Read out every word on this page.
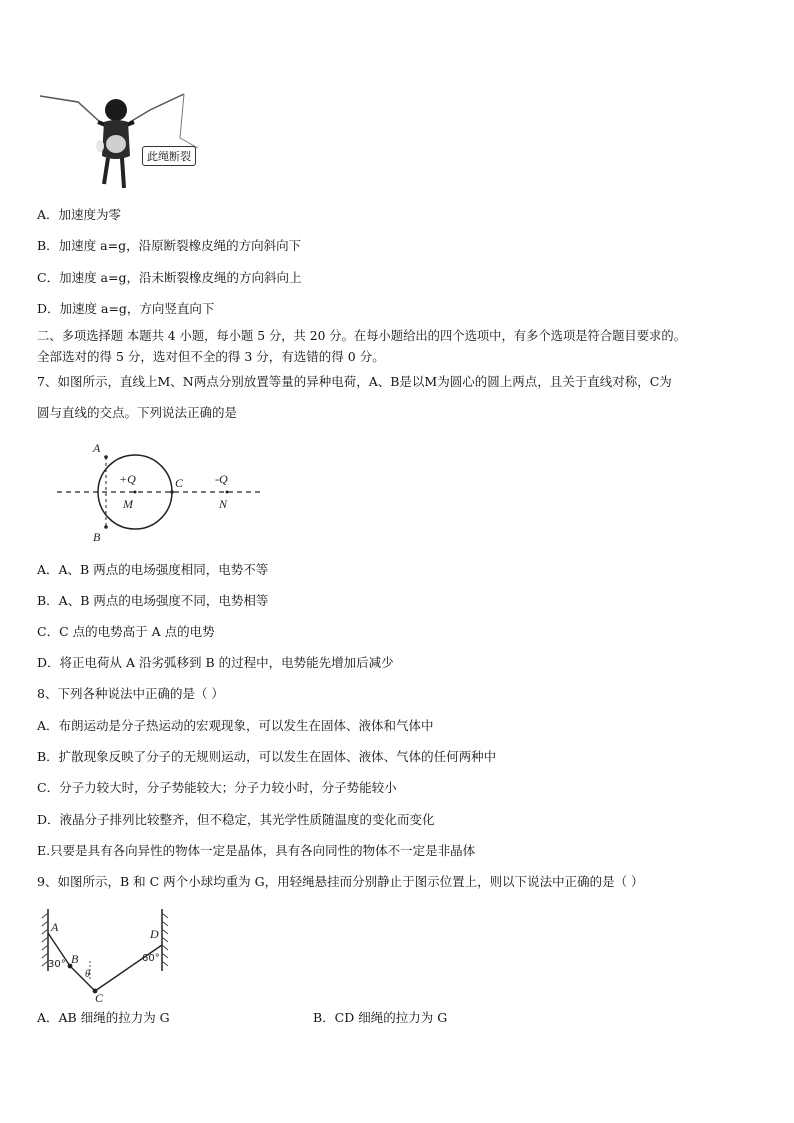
此绳断裂
A．加速度为零
B．加速度 a=g，沿原断裂橡皮绳的方向斜向下
C．加速度 a=g，沿未断裂橡皮绳的方向斜向上
D．加速度 a=g，方向竖直向下
二、多项选择题 本题共 4 小题，每小题 5 分，共 20 分。在每小题给出的四个选项中，有多个选项是符合题目要求的。
全部选对的得 5 分，选对但不全的得 3 分，有选错的得 0 分。
7、如图所示，直线上M、N两点分别放置等量的异种电荷，A、B是以M为圆心的圆上两点，且关于直线对称，C为
圆与直线的交点。下列说法正确的是
A
B
C
+Q
M
-Q
N
A．A、B 两点的电场强度相同，电势不等
B．A、B 两点的电场强度不同，电势相等
C．C 点的电势高于 A 点的电势
D．将正电荷从 A 沿劣弧移到 B 的过程中，电势能先增加后减少
8、下列各种说法中正确的是（ ）
A．布朗运动是分子热运动的宏观现象，可以发生在固体、液体和气体中
B．扩散现象反映了分子的无规则运动，可以发生在固体、液体、气体的任何两种中
C．分子力较大时，分子势能较大；分子力较小时，分子势能较小
D．液晶分子排列比较整齐，但不稳定，其光学性质随温度的变化而变化
E.只要是具有各向异性的物体一定是晶体，具有各向同性的物体不一定是非晶体
9、如图所示，B 和 C 两个小球均重为 G，用轻绳悬挂而分别静止于图示位置上，则以下说法中正确的是（ ）
A
B
C
D
30°
60°
θ
A．AB 细绳的拉力为 G	B．CD 细绳的拉力为 G
